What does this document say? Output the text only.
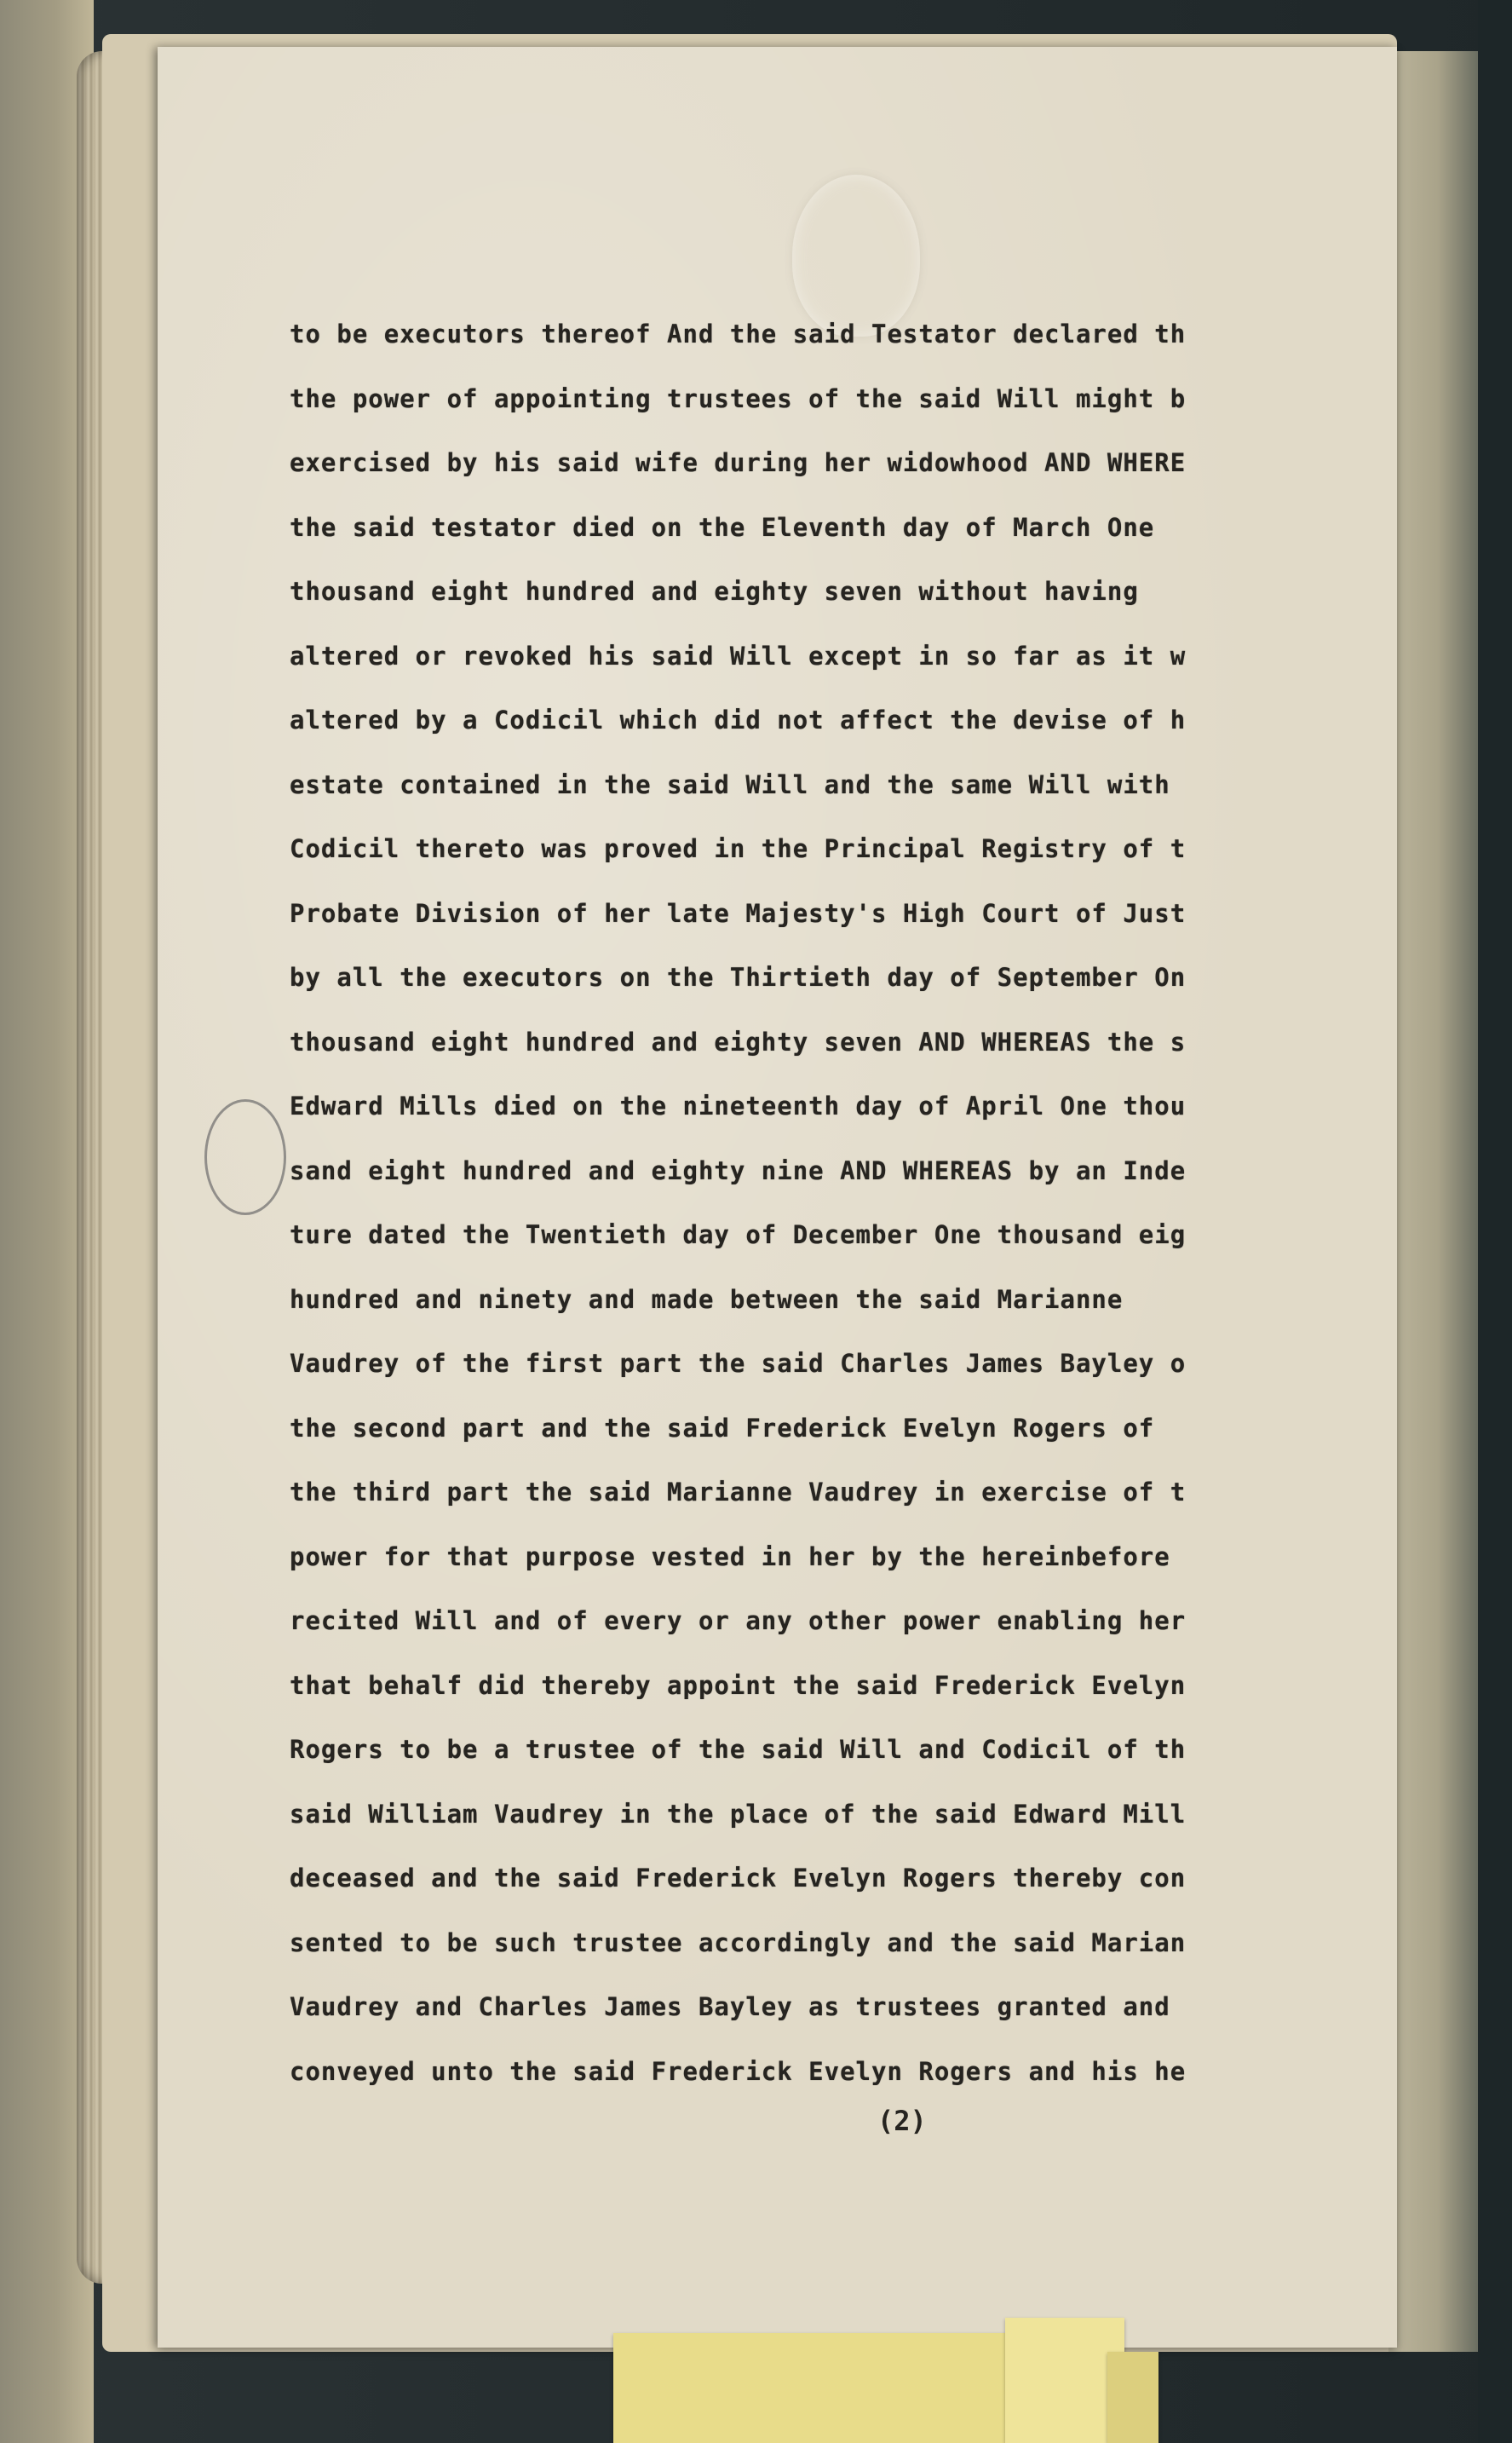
to be executors thereof And the said Testator declared th
the power of appointing trustees of the said Will might b
exercised by his said wife during her widowhood AND WHERE
the said testator died on the Eleventh day of March One
thousand eight hundred and eighty seven without having
altered or revoked his said Will except in so far as it w
altered by a Codicil which did not affect the devise of h
estate contained in the said Will and the same Will with
Codicil thereto was proved in the Principal Registry of t
Probate Division of her late Majesty's High Court of Just
by all the executors on the Thirtieth day of September On
thousand eight hundred and eighty seven AND WHEREAS the s
Edward Mills died on the nineteenth day of April One thou
sand eight hundred and eighty nine AND WHEREAS by an Inde
ture dated the Twentieth day of December One thousand eig
hundred and ninety and made between the said Marianne
Vaudrey of the first part the said Charles James Bayley o
the second part and the said Frederick Evelyn Rogers of
the third part the said Marianne Vaudrey in exercise of t
power for that purpose vested in her by the hereinbefore
recited Will and of every or any other power enabling her
that behalf did thereby appoint the said Frederick Evelyn
Rogers to be a trustee of the said Will and Codicil of th
said William Vaudrey in the place of the said Edward Mill
deceased and the said Frederick Evelyn Rogers thereby con
sented to be such trustee accordingly and the said Marian
Vaudrey and Charles James Bayley as trustees granted and
conveyed unto the said Frederick Evelyn Rogers and his he
(2)
